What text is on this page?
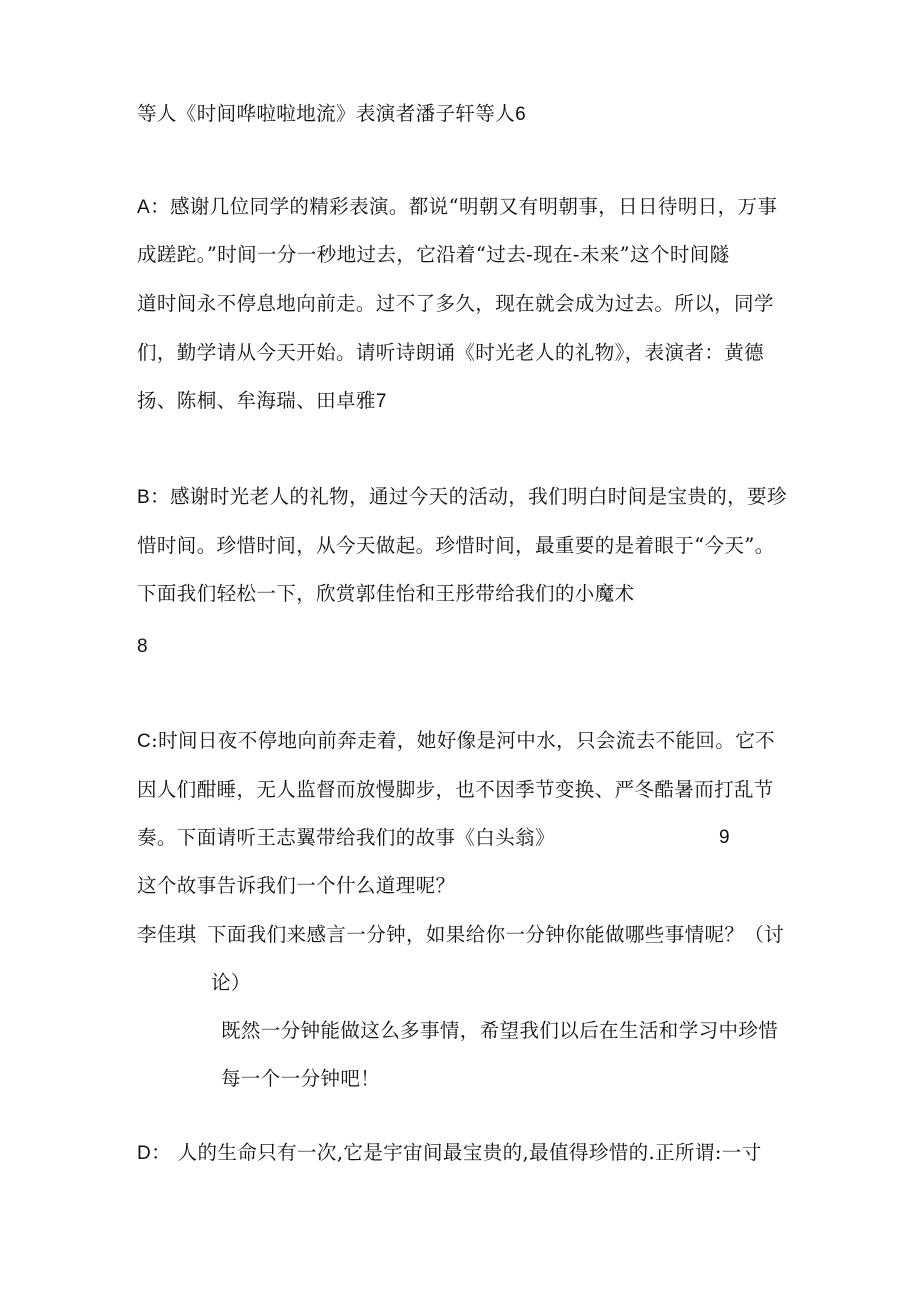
等人《时间哗啦啦地流》表演者潘子轩等人6
A：感谢几位同学的精彩表演。都说“明朝又有明朝事，日日待明日，万事
成蹉跎。”时间一分一秒地过去，它沿着“过去-现在-未来”这个时间隧
道时间永不停息地向前走。过不了多久，现在就会成为过去。所以，同学
们，勤学请从今天开始。请听诗朗诵《时光老人的礼物》，表演者：黄德
扬、陈桐、牟海瑞、田卓雅7
B：感谢时光老人的礼物，通过今天的活动，我们明白时间是宝贵的，要珍
惜时间。珍惜时间，从今天做起。珍惜时间，最重要的是着眼于“今天”。
下面我们轻松一下，欣赏郭佳怡和王彤带给我们的小魔术
8
C:时间日夜不停地向前奔走着，她好像是河中水，只会流去不能回。它不
因人们酣睡，无人监督而放慢脚步，也不因季节变换、严冬酷暑而打乱节
奏。下面请听王志翼带给我们的故事《白头翁》	9
这个故事告诉我们一个什么道理呢？
李佳琪 下面我们来感言一分钟，如果给你一分钟你能做哪些事情呢？（讨
论）
既然一分钟能做这么多事情，希望我们以后在生活和学习中珍惜
每一个一分钟吧！
D： 人的生命只有一次,它是宇宙间最宝贵的,最值得珍惜的.正所谓:一寸
